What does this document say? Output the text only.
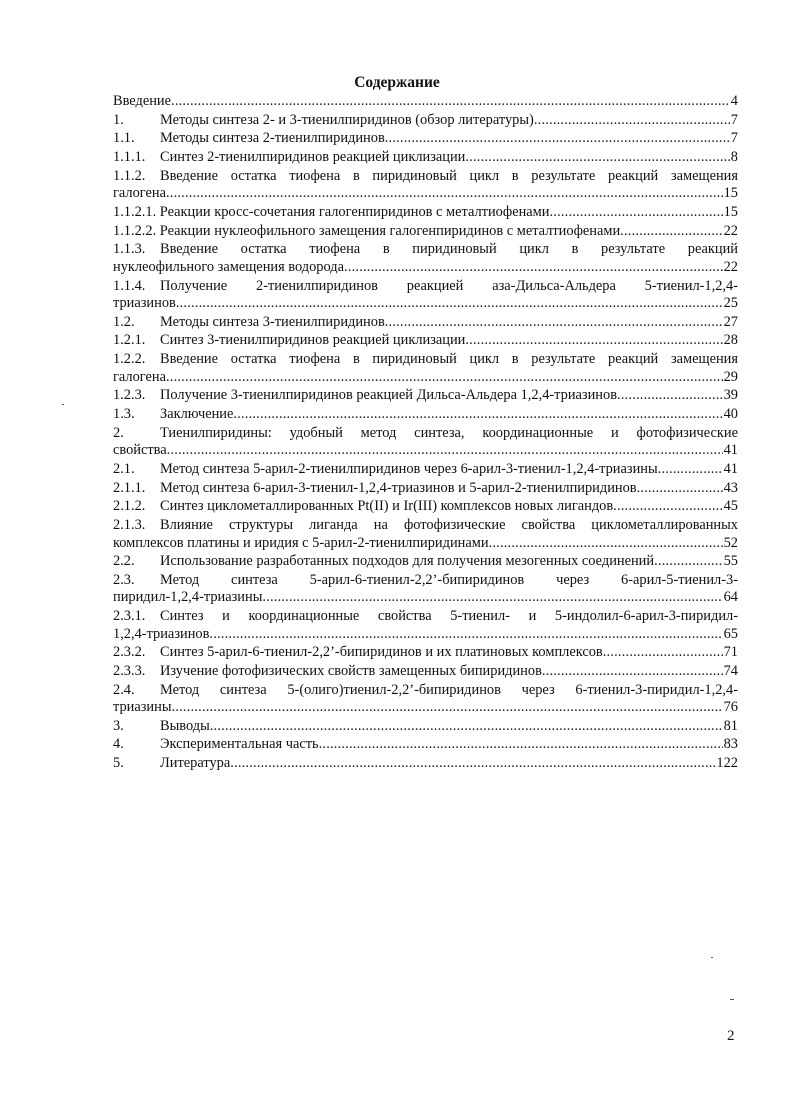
Содержание
Введение .....	4
1.	Методы синтеза 2- и 3-тиенилпиридинов (обзор литературы) .....	7
1.1.	Методы синтеза 2-тиенилпиридинов .....	7
1.1.1.	Синтез 2-тиенилпиридинов реакцией циклизации .....	8
1.1.2.	Введение остатка тиофена в пиридиновый цикл в результате реакций замещения
галогена .....	15
1.1.2.1. Реакции кросс-сочетания галогенпиридинов с металтиофенами .....	15
1.1.2.2. Реакции нуклеофильного замещения галогенпиридинов с металтиофенами .....	22
1.1.3.	Введение остатка тиофена в пиридиновый цикл в результате реакций
нуклеофильного замещения водорода .....	22
1.1.4.	Получение 2-тиенилпиридинов реакцией аза-Дильса-Альдера 5-тиенил-1,2,4-
триазинов .....	25
1.2.	Методы синтеза 3-тиенилпиридинов .....	27
1.2.1.	Синтез 3-тиенилпиридинов реакцией циклизации .....	28
1.2.2.	Введение остатка тиофена в пиридиновый цикл в результате реакций замещения
галогена .....	29
1.2.3.	Получение 3-тиенилпиридинов реакцией Дильса-Альдера 1,2,4-триазинов .....	39
1.3.	Заключение .....	40
2.	Тиенилпиридины: удобный метод синтеза, координационные и фотофизические
свойства .....	41
2.1.	Метод синтеза 5-арил-2-тиенилпиридинов через 6-арил-3-тиенил-1,2,4-триазины .....	41
2.1.1.	Метод синтеза 6-арил-3-тиенил-1,2,4-триазинов и 5-арил-2-тиенилпиридинов .....	43
2.1.2.	Синтез циклометаллированных Pt(II) и Ir(III) комплексов новых лигандов .....	45
2.1.3.	Влияние структуры лиганда на фотофизические свойства циклометаллированных
комплексов платины и иридия с 5-арил-2-тиенилпиридинами .....	52
2.2.	Использование разработанных подходов для получения мезогенных соединений .....	55
2.3.	Метод синтеза 5-арил-6-тиенил-2,2’-бипиридинов через 6-арил-5-тиенил-3-
пиридил-1,2,4-триазины .....	64
2.3.1.	Синтез и координационные свойства 5-тиенил- и 5-индолил-6-арил-3-пиридил-
1,2,4-триазинов .....	65
2.3.2.	Синтез 5-арил-6-тиенил-2,2’-бипиридинов и их платиновых комплексов .....	71
2.3.3.	Изучение фотофизических свойств замещенных бипиридинов .....	74
2.4.	Метод синтеза 5-(олиго)тиенил-2,2’-бипиридинов через 6-тиенил-3-пиридил-1,2,4-
триазины .....	76
3.	Выводы .....	81
4.	Экспериментальная часть .....	83
5.	Литература .....	122
2
